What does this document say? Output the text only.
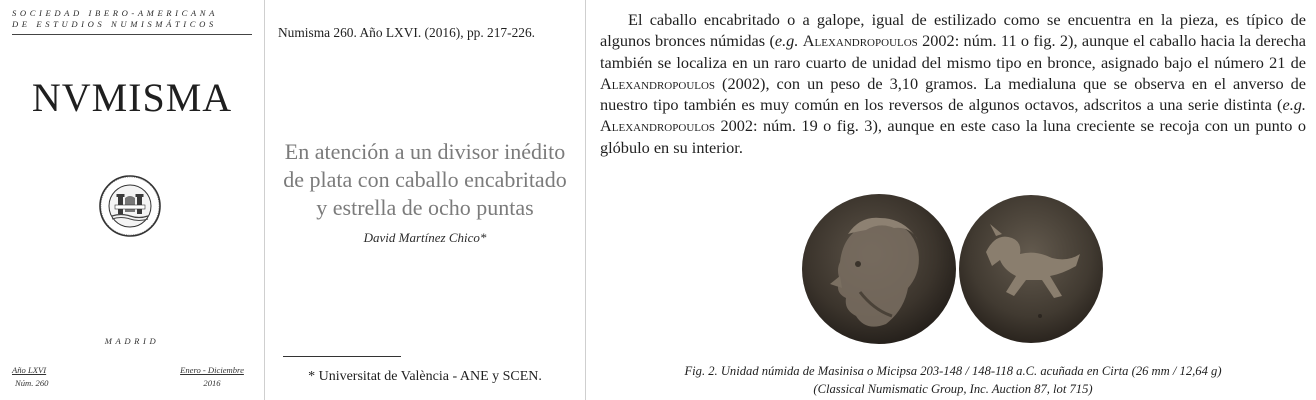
SOCIEDAD IBERO-AMERICANA
DE ESTUDIOS NUMISMÁTICOS
NVMISMA
MADRID
Año LXVI
Núm. 260
Enero - Diciembre
2016
Numisma 260. Año LXVI. (2016), pp. 217-226.
En atención a un divisor inédito
de plata con caballo encabritado
y estrella de ocho puntas
David Martínez Chico*
* Universitat de València - ANE y SCEN.
El caballo encabritado o a galope, igual de estilizado como se encuentra en la pieza, es típico de algunos bronces númidas (e.g. Alexandropoulos 2002: núm. 11 o fig. 2), aunque el caballo hacia la derecha también se localiza en un raro cuarto de unidad del mismo tipo en bronce, asignado bajo el número 21 de Alexandropoulos (2002), con un peso de 3,10 gramos. La medialuna que se observa en el anverso de nuestro tipo también es muy común en los reversos de algunos octavos, adscritos a una serie distinta (e.g. Alexandropoulos 2002: núm. 19 o fig. 3), aunque en este caso la luna creciente se recoja con un punto o glóbulo en su interior.
Fig. 2. Unidad númida de Masinisa o Micipsa 203-148 / 148-118 a.C. acuñada en Cirta (26 mm / 12,64 g)
(Classical Numismatic Group, Inc. Auction 87, lot 715)
